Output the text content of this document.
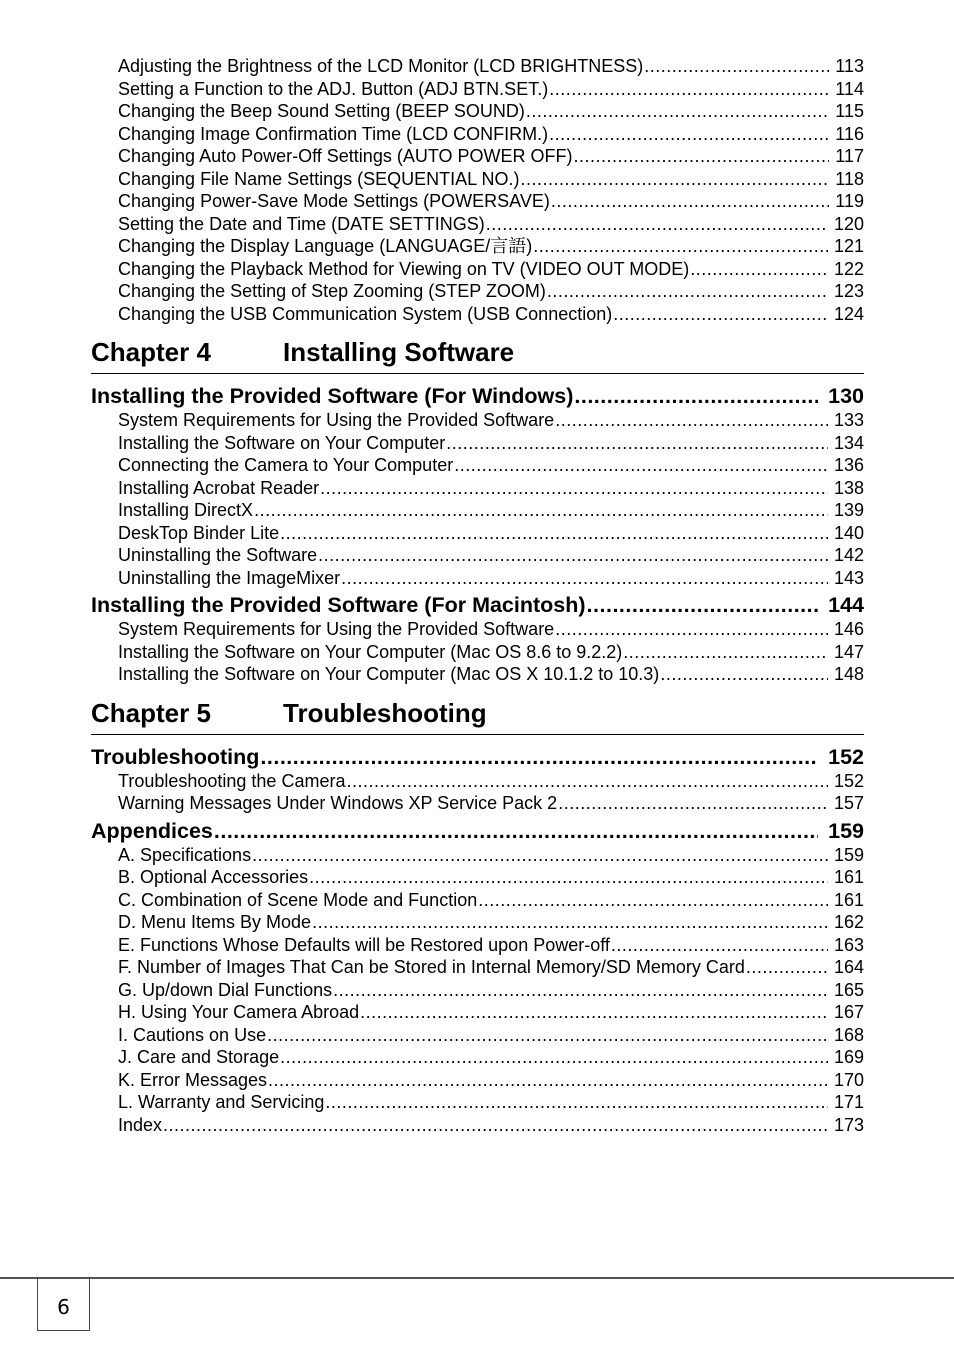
Adjusting the Brightness of the LCD Monitor (LCD BRIGHTNESS) .....	113
Setting a Function to the ADJ. Button (ADJ BTN.SET.) .....	114
Changing the Beep Sound Setting (BEEP SOUND) .....	115
Changing Image Confirmation Time (LCD CONFIRM.) .....	116
Changing Auto Power-Off Settings (AUTO POWER OFF) .....	117
Changing File Name Settings (SEQUENTIAL NO.) .....	118
Changing Power-Save Mode Settings (POWERSAVE) .....	119
Setting the Date and Time (DATE SETTINGS) .....	120
Changing the Display Language (LANGUAGE/言語) .....	121
Changing the Playback Method for Viewing on TV (VIDEO OUT MODE) .....	122
Changing the Setting of Step Zooming (STEP ZOOM) .....	123
Changing the USB Communication System (USB Connection) .....	124
Chapter 4	Installing Software
Installing the Provided Software (For Windows) .....	130
System Requirements for Using the Provided Software .....	133
Installing the Software on Your Computer .....	134
Connecting the Camera to Your Computer .....	136
Installing Acrobat Reader .....	138
Installing DirectX .....	139
DeskTop Binder Lite .....	140
Uninstalling the Software .....	142
Uninstalling the ImageMixer .....	143
Installing the Provided Software (For Macintosh) .....	144
System Requirements for Using the Provided Software .....	146
Installing the Software on Your Computer (Mac OS 8.6 to 9.2.2) .....	147
Installing the Software on Your Computer (Mac OS X 10.1.2 to 10.3) .....	148
Chapter 5	Troubleshooting
Troubleshooting .....	152
Troubleshooting the Camera .....	152
Warning Messages Under Windows XP Service Pack 2 .....	157
Appendices .....	159
A. Specifications .....	159
B. Optional Accessories .....	161
C. Combination of Scene Mode and Function .....	161
D. Menu Items By Mode .....	162
E. Functions Whose Defaults will be Restored upon Power-off .....	163
F. Number of Images That Can be Stored in Internal Memory/SD Memory Card .....	164
G. Up/down Dial Functions .....	165
H. Using Your Camera Abroad .....	167
I. Cautions on Use .....	168
J. Care and Storage .....	169
K. Error Messages .....	170
L. Warranty and Servicing .....	171
Index .....	173
6
